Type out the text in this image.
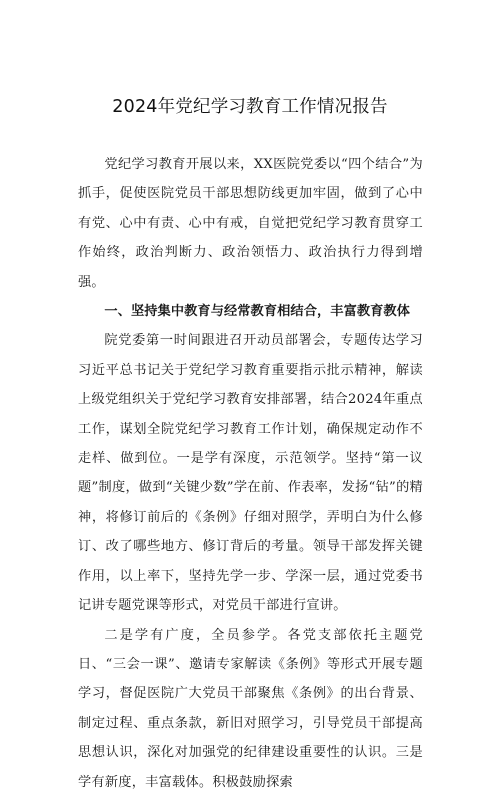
2024年党纪学习教育工作情况报告

党纪学习教育开展以来，XX医院党委以“四个结合”为抓手，促使医院党员干部思想防线更加牢固，做到了心中有党、心中有责、心中有戒，自觉把党纪学习教育贯穿工作始终，政治判断力、政治领悟力、政治执行力得到增强。

一、坚持集中教育与经常教育相结合，丰富教育教体

院党委第一时间跟进召开动员部署会，专题传达学习习近平总书记关于党纪学习教育重要指示批示精神，解读上级党组织关于党纪学习教育安排部署，结合2024年重点工作，谋划全院党纪学习教育工作计划，确保规定动作不走样、做到位。一是学有深度，示范领学。坚持“第一议题”制度，做到“关键少数”学在前、作表率，发扬“钻”的精神，将修订前后的《条例》仔细对照学，弄明白为什么修订、改了哪些地方、修订背后的考量。领导干部发挥关键作用，以上率下，坚持先学一步、学深一层，通过党委书记讲专题党课等形式，对党员干部进行宣讲。

二是学有广度，全员参学。各党支部依托主题党日、“三会一课”、邀请专家解读《条例》等形式开展专题学习，督促医院广大党员干部聚焦《条例》的出台背景、制定过程、重点条款，新旧对照学习，引导党员干部提高思想认识，深化对加强党的纪律建设重要性的认识。三是学有新度，丰富载体。积极鼓励探索
